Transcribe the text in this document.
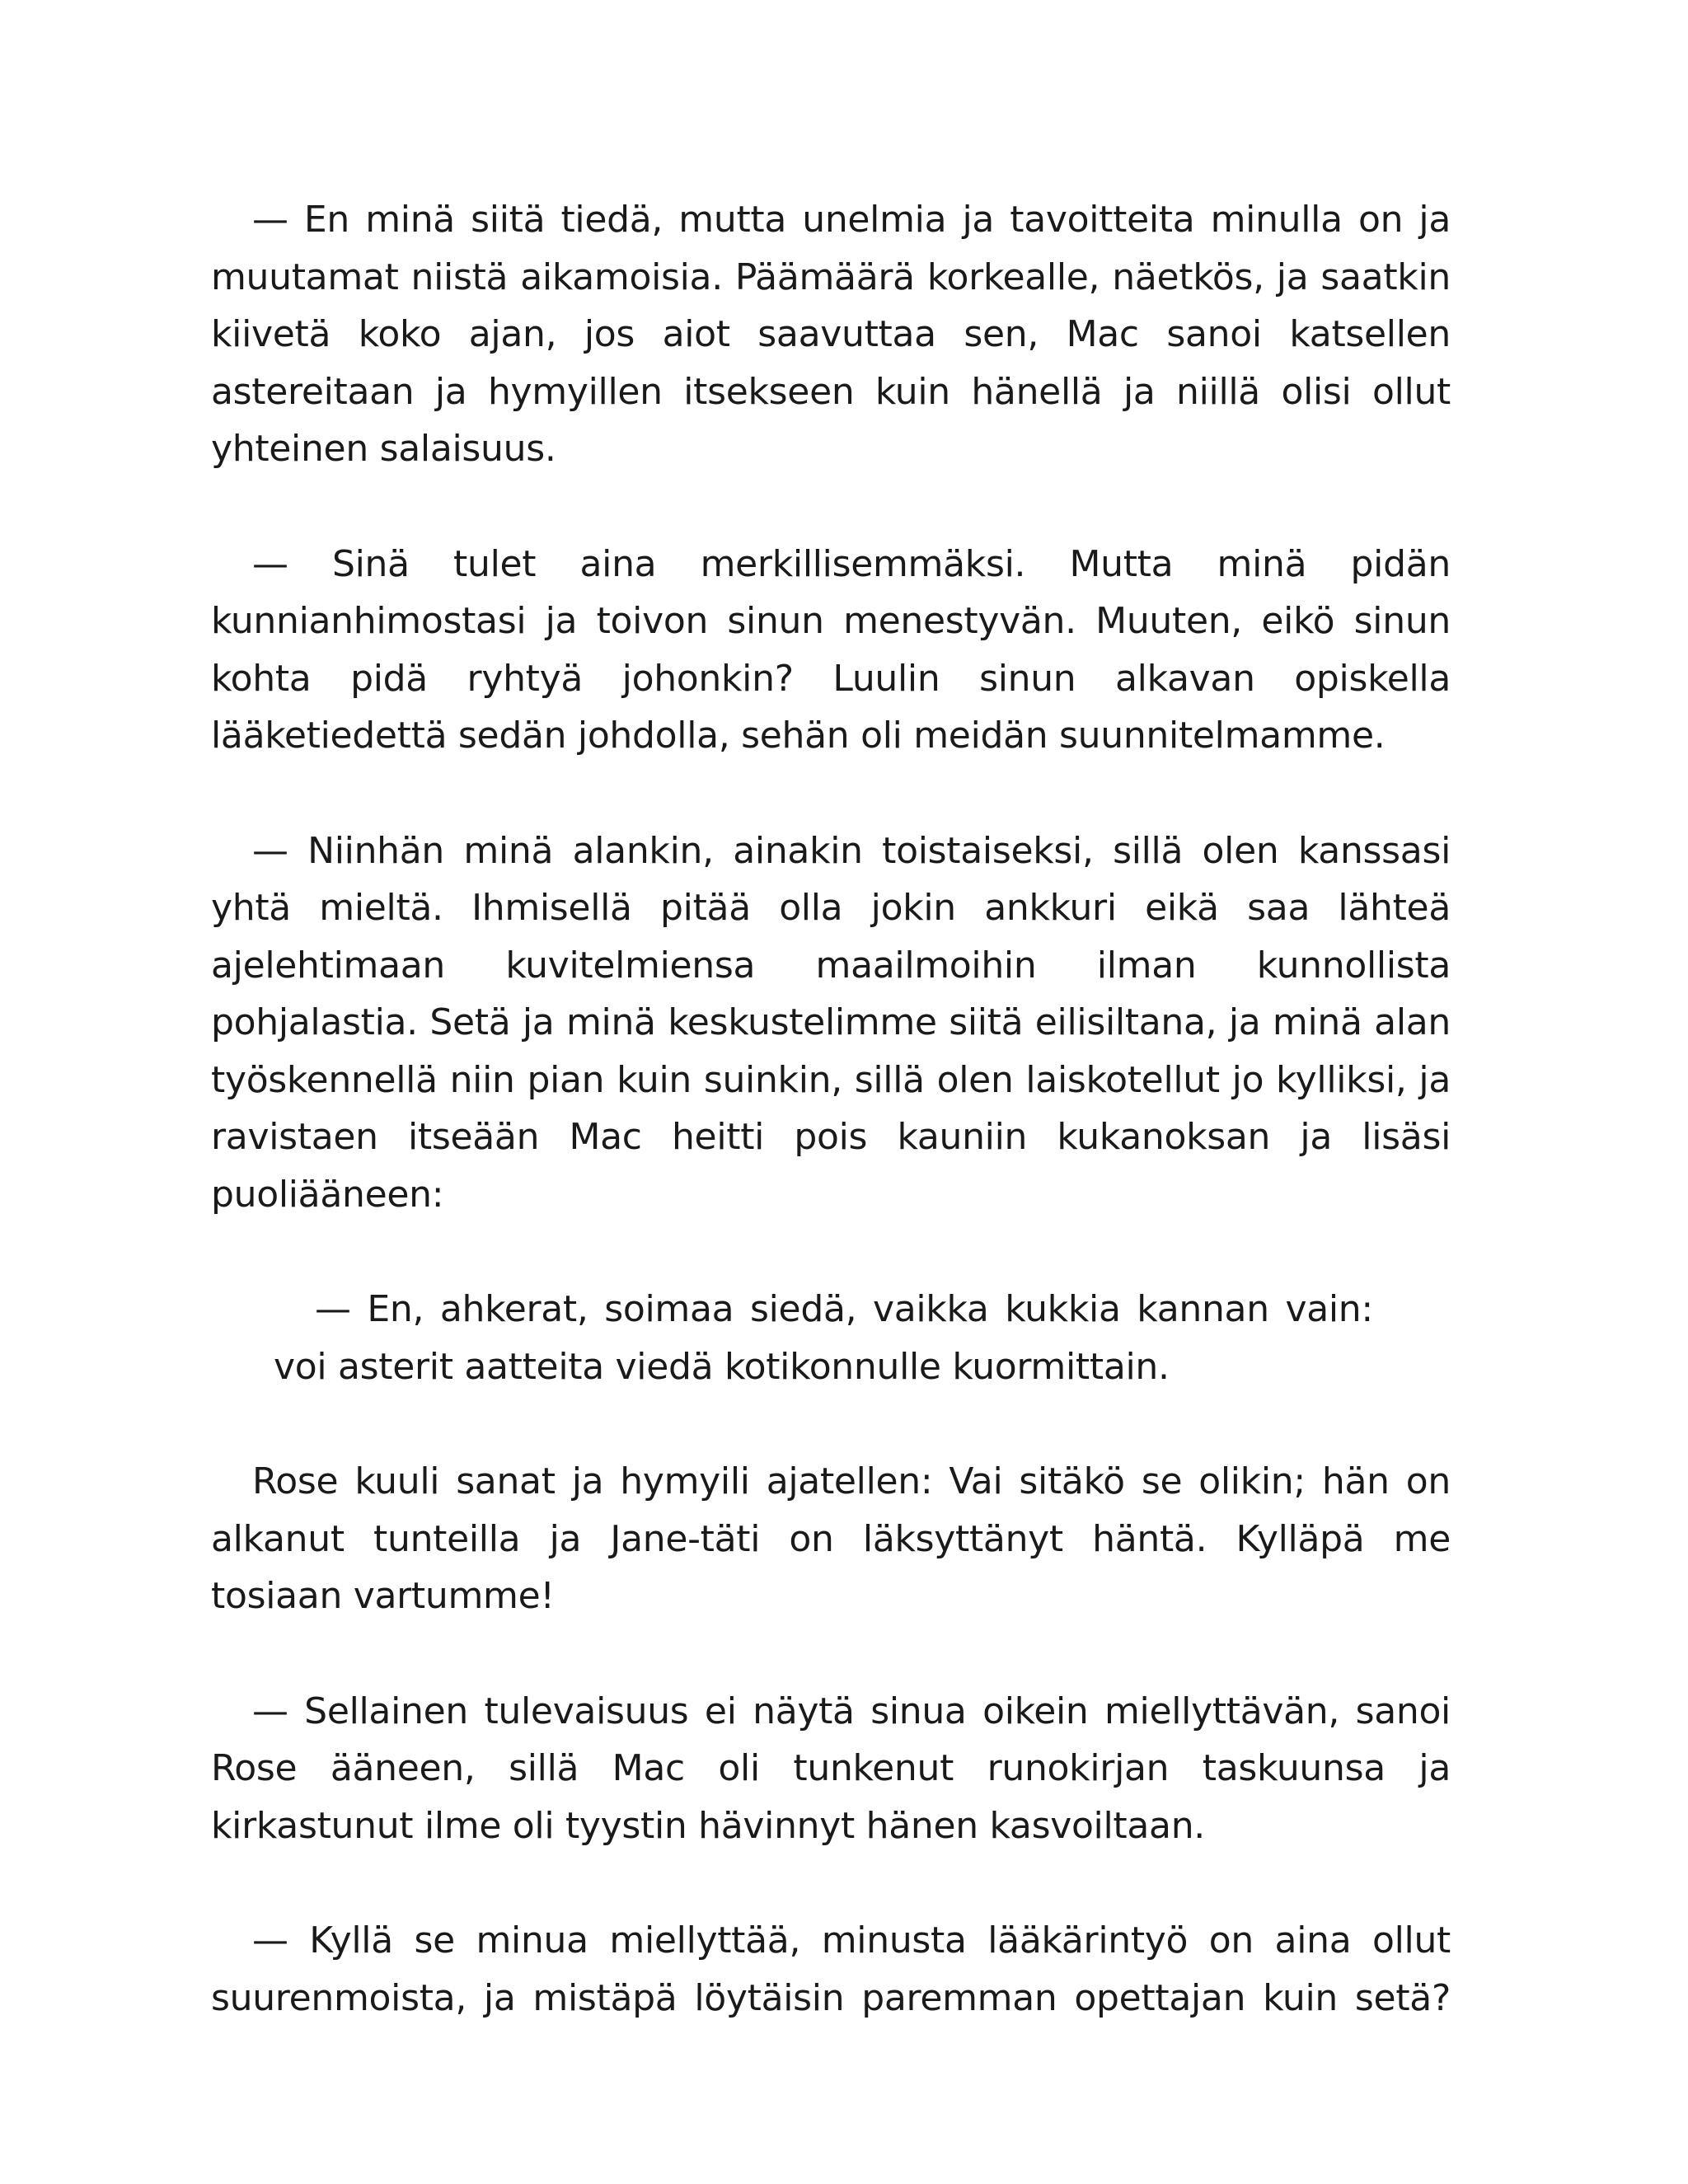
— En minä siitä tiedä, mutta unelmia ja tavoitteita minulla on ja muutamat niistä aikamoisia. Päämäärä korkealle, näetkös, ja saatkin kiivetä koko ajan, jos aiot saavuttaa sen, Mac sanoi katsellen astereitaan ja hymyillen itsekseen kuin hänellä ja niillä olisi ollut yhteinen salaisuus.

— Sinä tulet aina merkillisemmäksi. Mutta minä pidän kunnianhimostasi ja toivon sinun menestyvän. Muuten, eikö sinun kohta pidä ryhtyä johonkin? Luulin sinun alkavan opiskella lääketiedettä sedän johdolla, sehän oli meidän suunnitelmamme.

— Niinhän minä alankin, ainakin toistaiseksi, sillä olen kanssasi yhtä mieltä. Ihmisellä pitää olla jokin ankkuri eikä saa lähteä ajelehtimaan kuvitelmiensa maailmoihin ilman kunnollista pohjalastia. Setä ja minä keskustelimme siitä eilisiltana, ja minä alan työskennellä niin pian kuin suinkin, sillä olen laiskotellut jo kylliksi, ja ravistaen itseään Mac heitti pois kauniin kukanoksan ja lisäsi puoliääneen:

— En, ahkerat, soimaa siedä, vaikka kukkia kannan vain:
voi asterit aatteita viedä kotikonnulle kuormittain.

Rose kuuli sanat ja hymyili ajatellen: Vai sitäkö se olikin; hän on alkanut tunteilla ja Jane-täti on läksyttänyt häntä. Kylläpä me tosiaan vartumme!

— Sellainen tulevaisuus ei näytä sinua oikein miellyttävän, sanoi Rose ääneen, sillä Mac oli tunkenut runokirjan taskuunsa ja kirkastunut ilme oli tyystin hävinnyt hänen kasvoiltaan.

— Kyllä se minua miellyttää, minusta lääkärintyö on aina ollut suurenmoista, ja mistäpä löytäisin paremman opettajan kuin setä?
